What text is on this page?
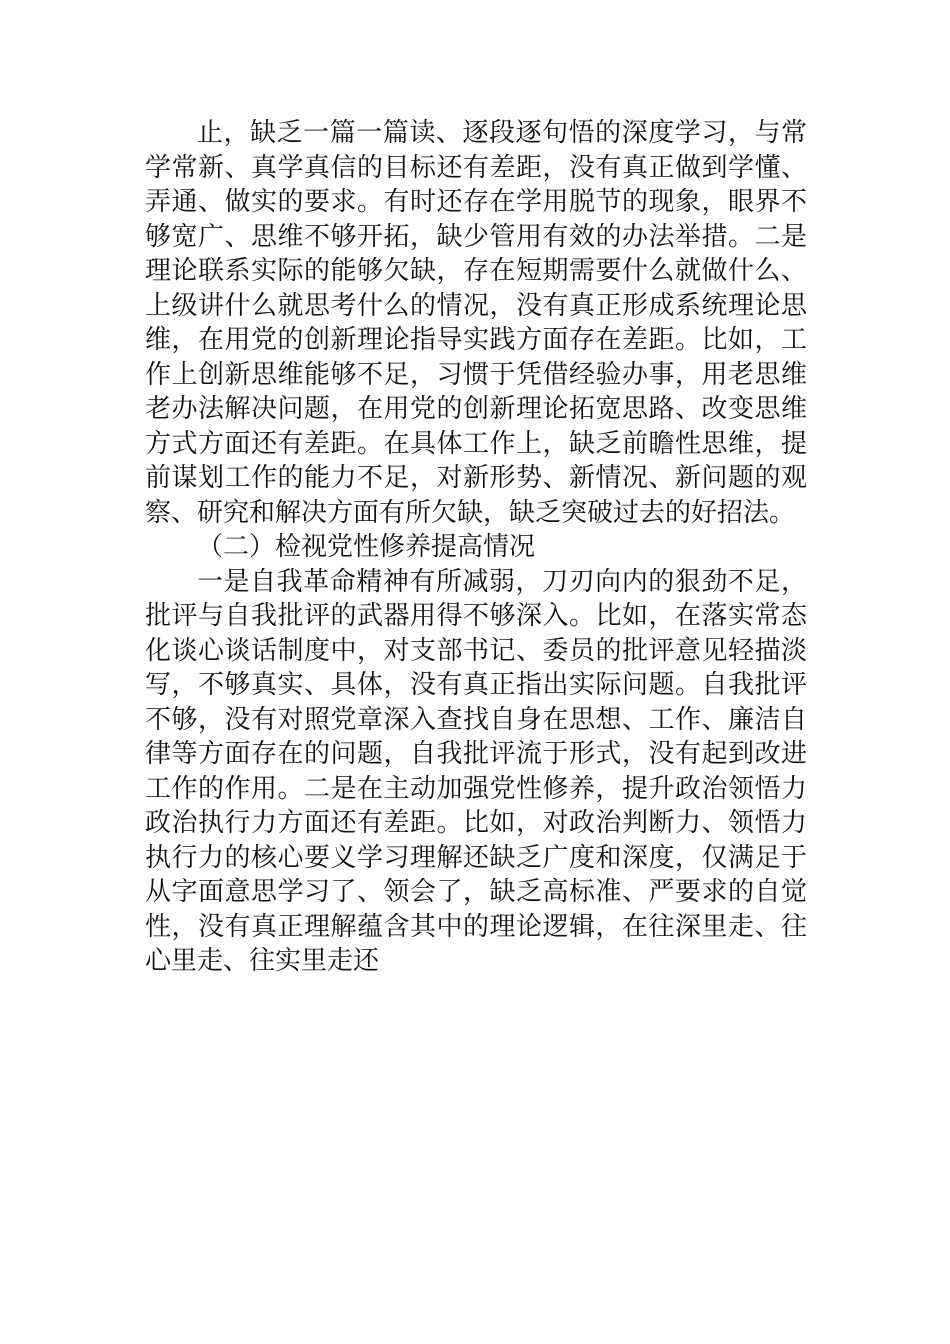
止，缺乏一篇一篇读、逐段逐句悟的深度学习，与常学常新、真学真信的目标还有差距，没有真正做到学懂、弄通、做实的要求。有时还存在学用脱节的现象，眼界不够宽广、思维不够开拓，缺少管用有效的办法举措。二是理论联系实际的能够欠缺，存在短期需要什么就做什么、上级讲什么就思考什么的情况，没有真正形成系统理论思维，在用党的创新理论指导实践方面存在差距。比如，工作上创新思维能够不足，习惯于凭借经验办事，用老思维老办法解决问题，在用党的创新理论拓宽思路、改变思维方式方面还有差距。在具体工作上，缺乏前瞻性思维，提前谋划工作的能力不足，对新形势、新情况、新问题的观察、研究和解决方面有所欠缺，缺乏突破过去的好招法。

（二）检视党性修养提高情况

一是自我革命精神有所减弱，刀刃向内的狠劲不足，批评与自我批评的武器用得不够深入。比如，在落实常态化谈心谈话制度中，对支部书记、委员的批评意见轻描淡写，不够真实、具体，没有真正指出实际问题。自我批评不够，没有对照党章深入查找自身在思想、工作、廉洁自律等方面存在的问题，自我批评流于形式，没有起到改进工作的作用。二是在主动加强党性修养，提升政治领悟力政治执行力方面还有差距。比如，对政治判断力、领悟力执行力的核心要义学习理解还缺乏广度和深度，仅满足于从字面意思学习了、领会了，缺乏高标准、严要求的自觉性，没有真正理解蕴含其中的理论逻辑，在往深里走、往心里走、往实里走还
